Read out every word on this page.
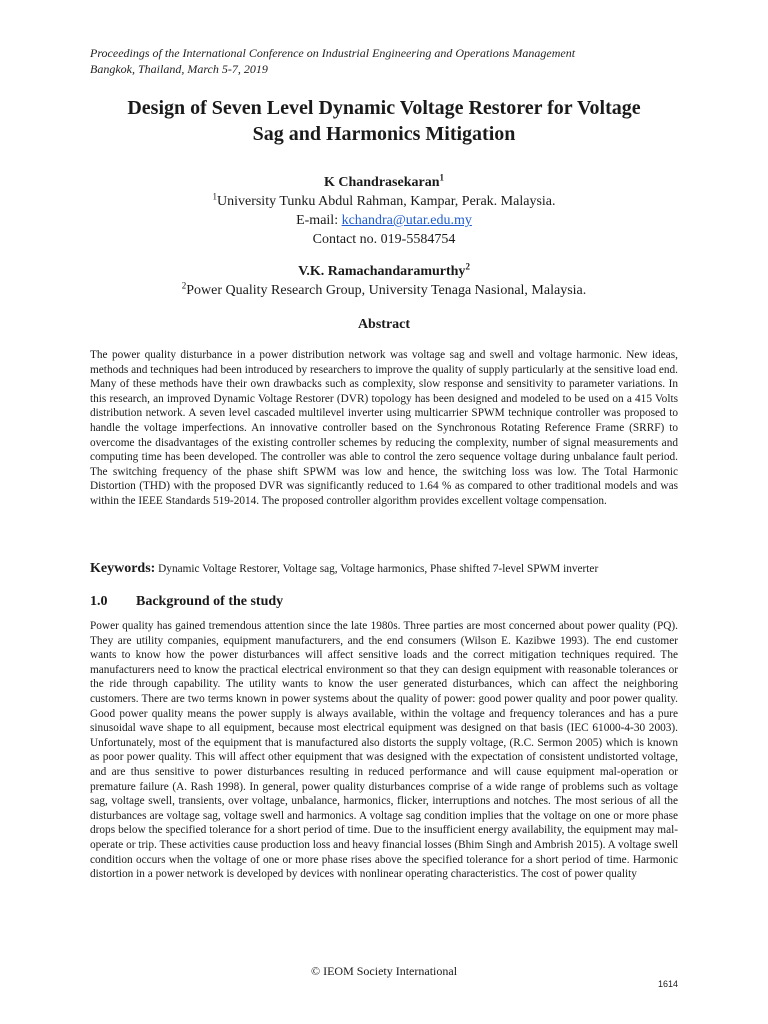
Proceedings of the International Conference on Industrial Engineering and Operations Management
Bangkok, Thailand, March 5-7, 2019
Design of Seven Level Dynamic Voltage Restorer for Voltage
Sag and Harmonics Mitigation
K Chandrasekaran$^1$
$^1$University Tunku Abdul Rahman, Kampar, Perak. Malaysia.
E-mail: kchandra@utar.edu.my
Contact no. 019-5584754
V.K. Ramachandaramurthy$^2$
$^2$Power Quality Research Group, University Tenaga Nasional, Malaysia.
Abstract

The power quality disturbance in a power distribution network was voltage sag and swell and voltage harmonic. New ideas, methods and techniques had been introduced by researchers to improve the quality of supply particularly at the sensitive load end. Many of these methods have their own drawbacks such as complexity, slow response and sensitivity to parameter variations. In this research, an improved Dynamic Voltage Restorer (DVR) topology has been designed and modeled to be used on a 415 Volts distribution network. A seven level cascaded multilevel inverter using multicarrier SPWM technique controller was proposed to handle the voltage imperfections. An innovative controller based on the Synchronous Rotating Reference Frame (SRRF) to overcome the disadvantages of the existing controller schemes by reducing the complexity, number of signal measurements and computing time has been developed. The controller was able to control the zero sequence voltage during unbalance fault period. The switching frequency of the phase shift SPWM was low and hence, the switching loss was low. The Total Harmonic Distortion (THD) with the proposed DVR was significantly reduced to 1.64 % as compared to other traditional models and was within the IEEE Standards 519-2014. The proposed controller algorithm provides excellent voltage compensation.

Keywords: Dynamic Voltage Restorer, Voltage sag, Voltage harmonics, Phase shifted 7-level SPWM inverter
1.0 Background of the study

Power quality has gained tremendous attention since the late 1980s. Three parties are most concerned about power quality (PQ). They are utility companies, equipment manufacturers, and the end consumers (Wilson E. Kazibwe 1993). The end customer wants to know how the power disturbances will affect sensitive loads and the correct mitigation techniques required. The manufacturers need to know the practical electrical environment so that they can design equipment with reasonable tolerances or the ride through capability. The utility wants to know the user generated disturbances, which can affect the neighboring customers. There are two terms known in power systems about the quality of power: good power quality and poor power quality. Good power quality means the power supply is always available, within the voltage and frequency tolerances and has a pure sinusoidal wave shape to all equipment, because most electrical equipment was designed on that basis (IEC 61000-4-30 2003). Unfortunately, most of the equipment that is manufactured also distorts the supply voltage, (R.C. Sermon 2005) which is known as poor power quality. This will affect other equipment that was designed with the expectation of consistent undistorted voltage, and are thus sensitive to power disturbances resulting in reduced performance and will cause equipment mal-operation or premature failure (A. Rash 1998). In general, power quality disturbances comprise of a wide range of problems such as voltage sag, voltage swell, transients, over voltage, unbalance, harmonics, flicker, interruptions and notches. The most serious of all the disturbances are voltage sag, voltage swell and harmonics. A voltage sag condition implies that the voltage on one or more phase drops below the specified tolerance for a short period of time. Due to the insufficient energy availability, the equipment may mal-operate or trip. These activities cause production loss and heavy financial losses (Bhim Singh and Ambrish 2015). A voltage swell condition occurs when the voltage of one or more phase rises above the specified tolerance for a short period of time. Harmonic distortion in a power network is developed by devices with nonlinear operating characteristics. The cost of power quality

© IEOM Society International
1614
